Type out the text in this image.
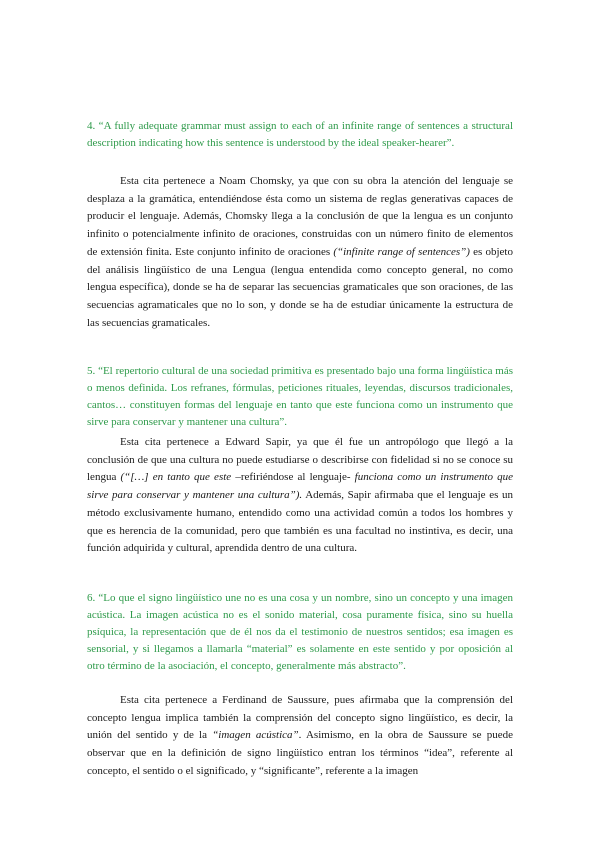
4. “A fully adequate grammar must assign to each of an infinite range of sentences a structural description indicating how this sentence is understood by the ideal speaker-hearer”.

Esta cita pertenece a Noam Chomsky, ya que con su obra la atención del lenguaje se desplaza a la gramática, entendiéndose ésta como un sistema de reglas generativas capaces de producir el lenguaje. Además, Chomsky llega a la conclusión de que la lengua es un conjunto infinito o potencialmente infinito de oraciones, construidas con un número finito de elementos de extensión finita. Este conjunto infinito de oraciones (“infinite range of sentences”) es objeto del análisis lingüístico de una Lengua (lengua entendida como concepto general, no como lengua específica), donde se ha de separar las secuencias gramaticales que son oraciones, de las secuencias agramaticales que no lo son, y donde se ha de estudiar únicamente la estructura de las secuencias gramaticales.

5. “El repertorio cultural de una sociedad primitiva es presentado bajo una forma lingüística más o menos definida. Los refranes, fórmulas, peticiones rituales, leyendas, discursos tradicionales, cantos… constituyen formas del lenguaje en tanto que este funciona como un instrumento que sirve para conservar y mantener una cultura”.

Esta cita pertenece a Edward Sapir, ya que él fue un antropólogo que llegó a la conclusión de que una cultura no puede estudiarse o describirse con fidelidad si no se conoce su lengua (“[…] en tanto que este –refiriéndose al lenguaje- funciona como un instrumento que sirve para conservar y mantener una cultura”). Además, Sapir afirmaba que el lenguaje es un método exclusivamente humano, entendido como una actividad común a todos los hombres y que es herencia de la comunidad, pero que también es una facultad no instintiva, es decir, una función adquirida y cultural, aprendida dentro de una cultura.

6. “Lo que el signo lingüístico une no es una cosa y un nombre, sino un concepto y una imagen acústica. La imagen acústica no es el sonido material, cosa puramente física, sino su huella psíquica, la representación que de él nos da el testimonio de nuestros sentidos; esa imagen es sensorial, y si llegamos a llamarla “material” es solamente en este sentido y por oposición al otro término de la asociación, el concepto, generalmente más abstracto”.

Esta cita pertenece a Ferdinand de Saussure, pues afirmaba que la comprensión del concepto lengua implica también la comprensión del concepto signo lingüístico, es decir, la unión del sentido y de la “imagen acústica”. Asimismo, en la obra de Saussure se puede observar que en la definición de signo lingüístico entran los términos “idea”, referente al concepto, el sentido o el significado, y “significante”, referente a la imagen
